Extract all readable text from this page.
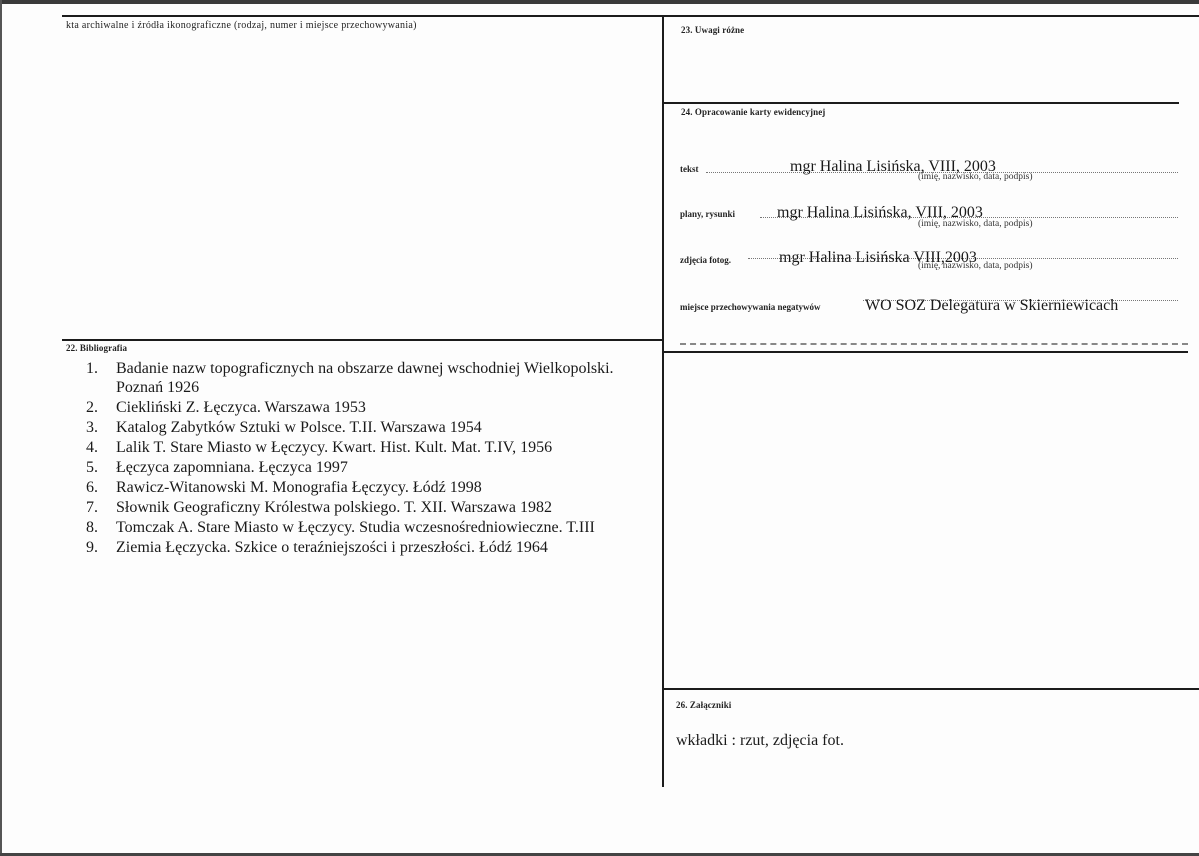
kta archiwalne i źródła ikonograficzne (rodzaj, numer i miejsce przechowywania)	23. Uwagi różne
24. Opracowanie karty ewidencyjnej
tekst	mgr Halina Lisińska, VIII, 2003
(imię, nazwisko, data, podpis)
plany, rysunki	mgr Halina Lisińska, VIII, 2003
(imię, nazwisko, data, podpis)
zdjęcia fotog.	mgr Halina Lisińska VIII,2003
(imię, nazwisko, data, podpis)
miejsce przechowywania negatywów	WO SOZ Delegatura w Skierniewicach
22. Bibliografia
1.	Badanie nazw topograficznych na obszarze dawnej wschodniej Wielkopolski. Poznań 1926
2.	Ciekliński Z. Łęczyca. Warszawa 1953
3.	Katalog Zabytków Sztuki w Polsce. T.II. Warszawa 1954
4.	Lalik T. Stare Miasto w Łęczycy. Kwart. Hist. Kult. Mat. T.IV, 1956
5.	Łęczyca zapomniana. Łęczyca 1997
6.	Rawicz-Witanowski M. Monografia Łęczycy. Łódź 1998
7.	Słownik Geograficzny Królestwa polskiego. T. XII. Warszawa 1982
8.	Tomczak A. Stare Miasto w Łęczycy. Studia wczesnośredniowieczne. T.III
9.	Ziemia Łęczycka. Szkice o teraźniejszości i przeszłości. Łódź 1964
26. Załączniki
wkładki : rzut, zdjęcia fot.
